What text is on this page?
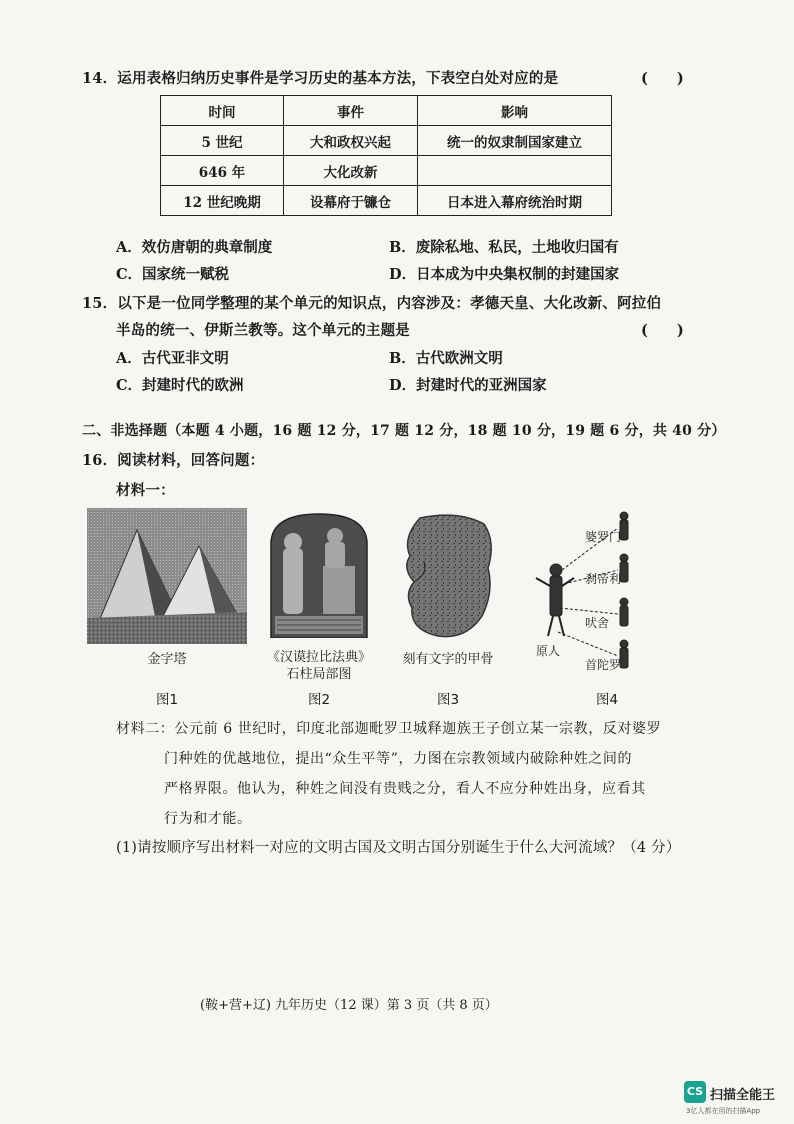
14．运用表格归纳历史事件是学习历史的基本方法，下表空白处对应的是	(　　)
时间	事件	影响
5 世纪	大和政权兴起	统一的奴隶制国家建立
646 年	大化改新	
12 世纪晚期	设幕府于镰仓	日本进入幕府统治时期
A．效仿唐朝的典章制度	B．废除私地、私民，土地收归国有
C．国家统一赋税	D．日本成为中央集权制的封建国家
15．以下是一位同学整理的某个单元的知识点，内容涉及：孝德天皇、大化改新、阿拉伯
半岛的统一、伊斯兰教等。这个单元的主题是	(　　)
A．古代亚非文明	B．古代欧洲文明
C．封建时代的欧洲	D．封建时代的亚洲国家
二、非选择题（本题 4 小题，16 题 12 分，17 题 12 分，18 题 10 分，19 题 6 分，共 40 分）
16．阅读材料，回答问题：
材料一：
金字塔	《汉谟拉比法典》
石柱局部图
刻有文字的甲骨
婆罗门
刹帝利
吠舍
首陀罗
原人
图1	图2	图3	图4
材料二：公元前 6 世纪时，印度北部迦毗罗卫城释迦族王子创立某一宗教，反对婆罗
门种姓的优越地位，提出“众生平等”，力图在宗教领域内破除种姓之间的
严格界限。他认为，种姓之间没有贵贱之分，看人不应分种姓出身，应看其
行为和才能。
(1)请按顺序写出材料一对应的文明古国及文明古国分别诞生于什么大河流域？（4 分）
(鞍+营+辽) 九年历史（12 课）第 3 页（共 8 页）
CS 扫描全能王
3亿人都在用的扫描App
